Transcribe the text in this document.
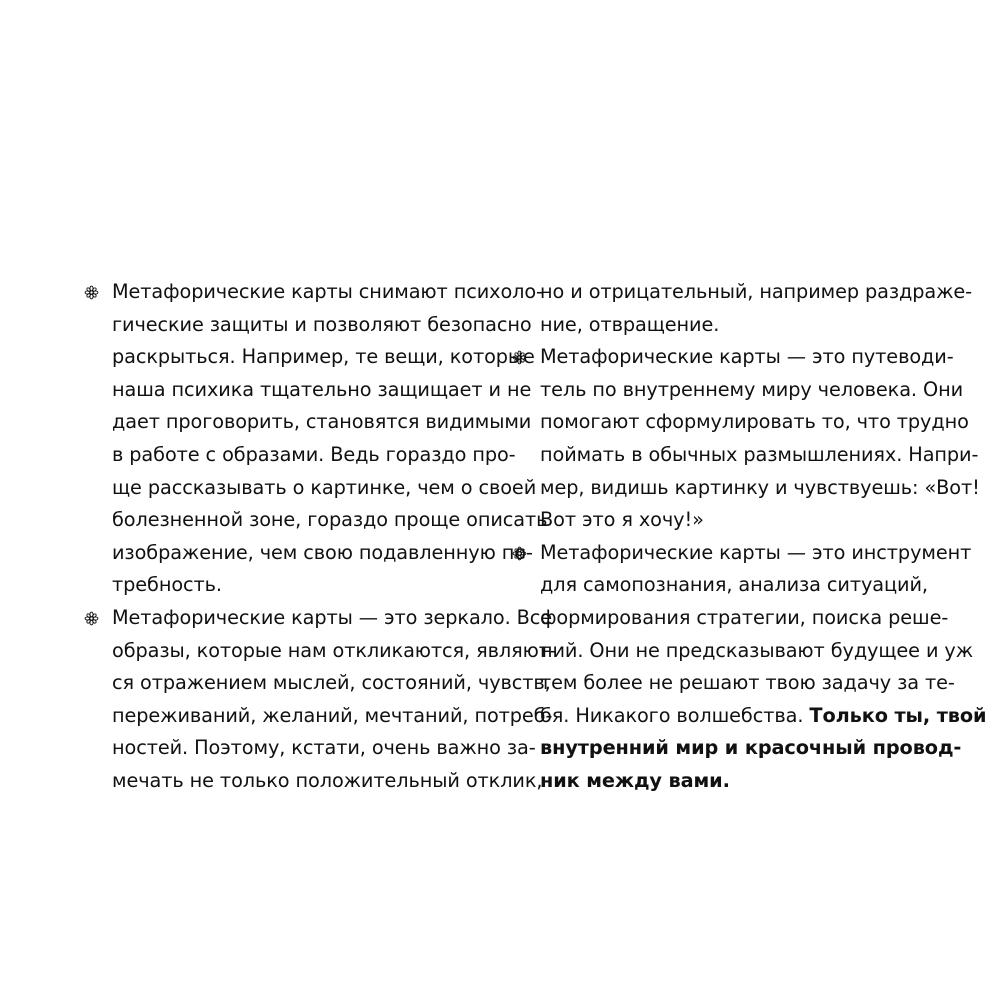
Метафорические карты снимают психоло-
гические защиты и позволяют безопасно
раскрыться. Например, те вещи, которые
наша психика тщательно защищает и не
дает проговорить, становятся видимыми
в работе с образами. Ведь гораздо про-
ще рассказывать о картинке, чем о своей
болезненной зоне, гораздо проще описать
изображение, чем свою подавленную по-
требность.
Метафорические карты — это зеркало. Все
образы, которые нам откликаются, являют-
ся отражением мыслей, состояний, чувств,
переживаний, желаний, мечтаний, потреб-
ностей. Поэтому, кстати, очень важно за-
мечать не только положительный отклик,
но и отрицательный, например раздраже-
ние, отвращение.
Метафорические карты — это путеводи-
тель по внутреннему миру человека. Они
помогают сформулировать то, что трудно
поймать в обычных размышлениях. Напри-
мер, видишь картинку и чувствуешь: «Вот!
Вот это я хочу!»
Метафорические карты — это инструмент
для самопознания, анализа ситуаций,
формирования стратегии, поиска реше-
ний. Они не предсказывают будущее и уж
тем более не решают твою задачу за те-
бя. Никакого волшебства. Только ты, твой
внутренний мир и красочный провод-
ник между вами.
